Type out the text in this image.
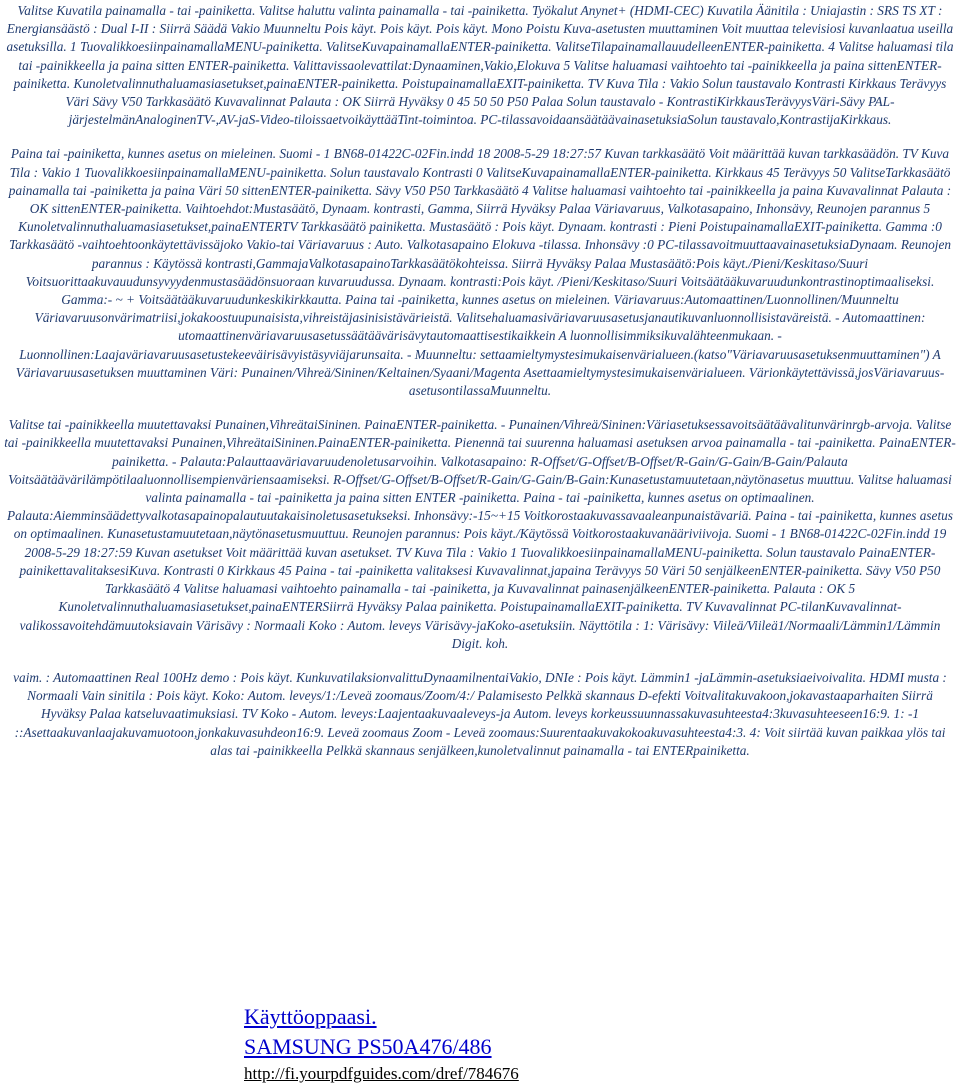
Valitse Kuvatila painamalla - tai -painiketta. Valitse haluttu valinta painamalla - tai -painiketta. Työkalut Anynet+ (HDMI-CEC) Kuvatila Äänitila : Uniajastin : SRS TS XT : Energiansäästö : Dual I-II : Siirrä Säädä Vakio Muunneltu Pois käyt. Pois käyt. Pois käyt. Mono Poistu Kuva-asetusten muuttaminen Voit muuttaa televisiosi kuvanlaatua useilla asetuksilla. 1 TuovalikkoesiinpainamallaMENU-painiketta. ValitseKuvapainamallaENTER-painiketta. ValitseTilapainamallauudelleenENTER-painiketta. 4 Valitse haluamasi tila tai -painikkeella ja paina sitten ENTER-painiketta. Valittavissaolevattilat:Dynaaminen,Vakio,Elokuva 5 Valitse haluamasi vaihtoehto tai -painikkeella ja paina sittenENTER-painiketta. Kunoletvalinnuthaluamasiasetukset,painaENTER-painiketta. PoistupainamallaEXIT-painiketta. TV Kuva Tila : Vakio Solun taustavalo Kontrasti Kirkkaus Terävyys Väri Sävy V50 Tarkkasäätö Kuvavalinnat Palauta : OK Siirrä Hyväksy 0 45 50 50 P50 Palaa Solun taustavalo - KontrastiKirkkausTerävyysVäri-Sävy PAL-järjestelmänAnaloginenTV-,AV-jaS-Video-tiloissaetvoikäyttääTint-toimintoa. PC-tilassavoidaansäätäävainasetuksiaSolun taustavalo,KontrastijaKirkkaus.

Paina tai -painiketta, kunnes asetus on mieleinen. Suomi - 1 BN68-01422C-02Fin.indd 18 2008-5-29 18:27:57 Kuvan tarkkasäätö Voit määrittää kuvan tarkkasäädön. TV Kuva Tila : Vakio 1 TuovalikkoesiinpainamallaMENU-painiketta. Solun taustavalo Kontrasti 0 ValitseKuvapainamallaENTER-painiketta. Kirkkaus 45 Terävyys 50 ValitseTarkkasäätö painamalla tai -painiketta ja paina Väri 50 sittenENTER-painiketta. Sävy V50 P50 Tarkkasäätö 4 Valitse haluamasi vaihtoehto tai -painikkeella ja paina Kuvavalinnat Palauta : OK sittenENTER-painiketta. Vaihtoehdot:Mustasäätö, Dynaam. kontrasti, Gamma, Siirrä Hyväksy Palaa Väriavaruus, Valkotasapaino, Inhonsävy, Reunojen parannus 5 Kunoletvalinnuthaluamasiasetukset,painaENTERTV Tarkkasäätö painiketta. Mustasäätö : Pois käyt. Dynaam. kontrasti : Pieni PoistupainamallaEXIT-painiketta. Gamma :0 Tarkkasäätö -vaihtoehtoonkäytettävissäjoko Vakio-tai Väriavaruus : Auto. Valkotasapaino Elokuva -tilassa. Inhonsävy :0 PC-tilassavoitmuuttaavainasetuksiaDynaam. Reunojen parannus : Käytössä kontrasti,GammajaValkotasapainoTarkkasäätökohteissa. Siirrä Hyväksy Palaa Mustasäätö:Pois käyt./Pieni/Keskitaso/Suuri Voitsuorittaakuvauudunsyvyydenmustasäädönsuoraan kuvaruudussa. Dynaam. kontrasti:Pois käyt. /Pieni/Keskitaso/Suuri Voitsäätääkuvaruudunkontrastinoptimaaliseksi. Gamma:- ~ + Voitsäätääkuvaruudunkeskikirkkautta. Paina tai -painiketta, kunnes asetus on mieleinen. Väriavaruus:Automaattinen/Luonnollinen/Muunneltu Väriavaruusonvärimatriisi,jokakoostuupunaisista,vihreistäjasinisistävärieistä. Valitsehaluamasiväriavaruusasetusjanautikuvanluonnollisistaväreistä. - Automaattinen: utomaattinenväriavaruusasetussäätäävärisävytautomaattisestikaikkein A luonnollisimmiksikuvalähteenmukaan. - Luonnollinen:Laajaväriavaruusasetustekeeväirisävyistäsyviäjarunsaita. - Muunneltu: settaamieltymystesimukaisenvärialueen.(katso"Väriavaruusasetuksenmuuttaminen") A Väriavaruusasetuksen muuttaminen Väri: Punainen/Vihreä/Sininen/Keltainen/Syaani/Magenta Asettaamieltymystesimukaisenvärialueen. Värionkäytettävissä,josVäriavaruus-asetusontilassaMuunneltu.

Valitse tai -painikkeella muutettavaksi Punainen,VihreätaiSininen. PainaENTER-painiketta. - Punainen/Vihreä/Sininen:Väriasetuksessavoitsäätäävalitunvärinrgb-arvoja. Valitse tai -painikkeella muutettavaksi Punainen,VihreätaiSininen.PainaENTER-painiketta. Pienennä tai suurenna haluamasi asetuksen arvoa painamalla - tai -painiketta. PainaENTER-painiketta. - Palauta:Palauttaaväriavaruudenoletusarvoihin. Valkotasapaino: R-Offset/G-Offset/B-Offset/R-Gain/G-Gain/B-Gain/Palauta Voitsäätäävärilämpötilaaluonnollisempienväriensaamiseksi. R-Offset/G-Offset/B-Offset/R-Gain/G-Gain/B-Gain:Kunasetustamuutetaan,näytönasetus muuttuu. Valitse haluamasi valinta painamalla - tai -painiketta ja paina sitten ENTER -painiketta. Paina - tai -painiketta, kunnes asetus on optimaalinen. Palauta:Aiemminsäädettyvalkotasapainopalautuutakaisinoletusasetukseksi. Inhonsävy:-15~+15 Voitkorostaakuvassavaaleanpunaistävariä. Paina - tai -painiketta, kunnes asetus on optimaalinen. Kunasetustamuutetaan,näytönasetusmuuttuu. Reunojen parannus: Pois käyt./Käytössä Voitkorostaakuvanääriviivoja. Suomi - 1 BN68-01422C-02Fin.indd 19 2008-5-29 18:27:59 Kuvan asetukset Voit määrittää kuvan asetukset. TV Kuva Tila : Vakio 1 TuovalikkoesiinpainamallaMENU-painiketta. Solun taustavalo PainaENTER-painikettavalitaksesiKuva. Kontrasti 0 Kirkkaus 45 Paina - tai -painiketta valitaksesi Kuvavalinnat,japaina Terävyys 50 Väri 50 senjälkeenENTER-painiketta. Sävy V50 P50 Tarkkasäätö 4 Valitse haluamasi vaihtoehto painamalla - tai -painiketta, ja Kuvavalinnat painasenjälkeenENTER-painiketta. Palauta : OK 5 Kunoletvalinnuthaluamasiasetukset,painaENTERSiirrä Hyväksy Palaa painiketta. PoistupainamallaEXIT-painiketta. TV Kuvavalinnat PC-tilanKuvavalinnat-valikossavoitehdämuutoksiavain Värisävy : Normaali Koko : Autom. leveys Värisävy-jaKoko-asetuksiin. Näyttötila : 1: Värisävy: Viileä/Viileä1/Normaali/Lämmin1/Lämmin Digit. koh.

vaim. : Automaattinen Real 100Hz demo : Pois käyt. KunkuvatilaksionvalittuDynaamilnentaiVakio, DNIe : Pois käyt. Lämmin1 -jaLämmin-asetuksiaeivoivalita. HDMI musta : Normaali Vain sinitila : Pois käyt. Koko: Autom. leveys/1:/Leveä zoomaus/Zoom/4:/ Palamisesto Pelkkä skannaus D-efekti Voitvalitakuvakoon,jokavastaaparhaiten Siirrä Hyväksy Palaa katseluvaatimuksiasi. TV Koko - Autom. leveys:Laajentaakuvaaleveys-ja Autom. leveys korkeussuunnassakuvasuhteesta4:3kuvasuhteeseen16:9. 1: -1 ::Asettaakuvanlaajakuvamuotoon,jonkakuvasuhdeon16:9. Leveä zoomaus Zoom - Leveä zoomaus:Suurentaakuvakokoakuvasuhteesta4:3. 4: Voit siirtää kuvan paikkaa ylös tai alas tai -painikkeella Pelkkä skannaus senjälkeen,kunoletvalinnut painamalla - tai ENTERpainiketta.

Käyttöoppaasi.
SAMSUNG PS50A476/486
http://fi.yourpdfguides.com/dref/784676
